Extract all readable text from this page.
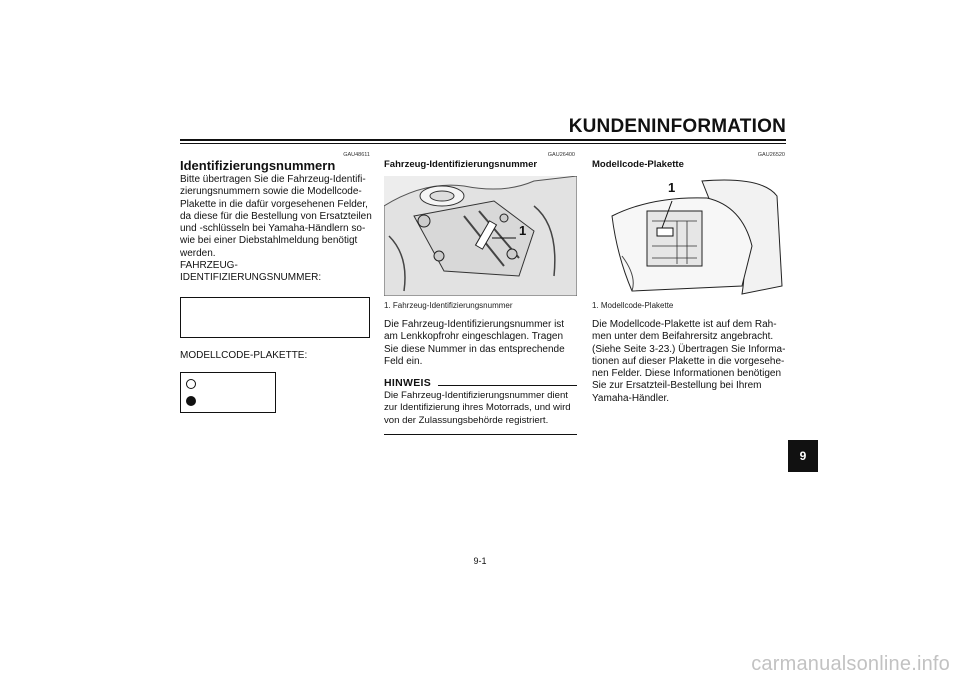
KUNDENINFORMATION
GAU48611
Identifizierungsnummern
Bitte übertragen Sie die Fahrzeug-Identifi-
zierungsnummern sowie die Modellcode-
Plakette in die dafür vorgesehenen Felder,
da diese für die Bestellung von Ersatzteilen
und -schlüsseln bei Yamaha-Händlern so-
wie bei einer Diebstahlmeldung benötigt
werden.
FAHRZEUG-
IDENTIFIZIERUNGSNUMMER:
MODELLCODE-PLAKETTE:
GAU26400
Fahrzeug-Identifizierungsnummer
1
1. Fahrzeug-Identifizierungsnummer
Die Fahrzeug-Identifizierungsnummer ist
am Lenkkopfrohr eingeschlagen. Tragen
Sie diese Nummer in das entsprechende
Feld ein.
HINWEIS
Die Fahrzeug-Identifizierungsnummer dient
zur Identifizierung ihres Motorrads, und wird
von der Zulassungsbehörde registriert.
GAU26520
Modellcode-Plakette
1
1. Modellcode-Plakette
Die Modellcode-Plakette ist auf dem Rah-
men unter dem Beifahrersitz angebracht.
(Siehe Seite 3-23.) Übertragen Sie Informa-
tionen auf dieser Plakette in die vorgesehe-
nen Felder. Diese Informationen benötigen
Sie zur Ersatzteil-Bestellung bei Ihrem
Yamaha-Händler.
9
9-1
carmanualsonline.info
